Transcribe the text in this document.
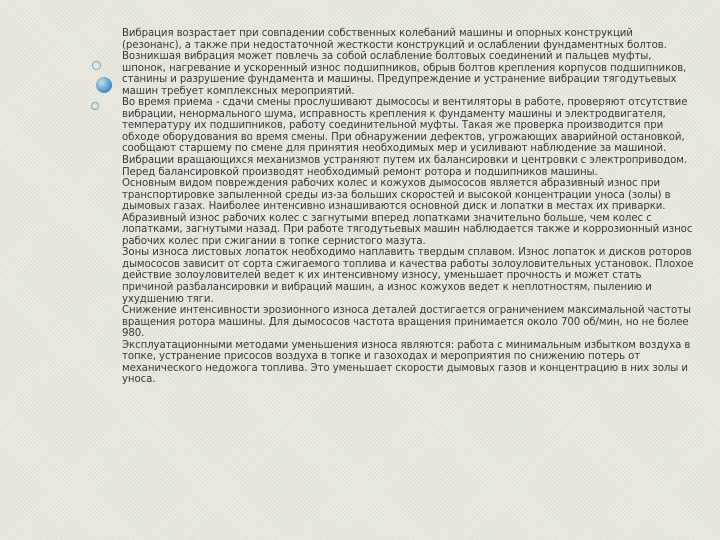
Вибрация возрастает при совпадении собственных колебаний машины и опорных конструкций (резонанс), а также при недостаточной жесткости конструкций и ослаблении фундаментных болтов. Возникшая вибрация может повлечь за собой ослабление болтовых соединений и пальцев муфты, шпонок, нагревание и ускоренный износ подшипников, обрыв болтов крепления корпусов подшипников, станины и разрушение фундамента и машины. Предупреждение и устранение вибрации тягодутьевых машин требует комплексных мероприятий.

Во время приема - сдачи смены прослушивают дымососы и вентиляторы в работе, проверяют отсутствие вибрации, ненормального шума, исправность крепления к фундаменту машины и электродвигателя, температуру их подшипников, работу соединительной муфты. Такая же проверка производится при обходе оборудования во время смены. При обнаружении дефектов, угрожающих аварийной остановкой, сообщают старшему по смене для принятия необходимых мер и усиливают наблюдение за машиной. Вибрации вращающихся механизмов устраняют путем их балансировки и центровки с электроприводом. Перед балансировкой производят необходимый ремонт ротора и подшипников машины.

Основным видом повреждения рабочих колес и кожухов дымососов является абразивный износ при транспортировке запыленной среды из-за больших скоростей и высокой концентрации уноса (золы) в дымовых газах. Наиболее интенсивно изнашиваются основной диск и лопатки в местах их приварки. Абразивный износ рабочих колес с загнутыми вперед лопатками значительно больше, чем колес с лопатками, загнутыми назад. При работе тягодутьевых машин наблюдается также и коррозионный износ рабочих колес при сжигании в топке сернистого мазута.

Зоны износа листовых лопаток необходимо наплавить твердым сплавом. Износ лопаток и дисков роторов дымососов зависит от сорта сжигаемого топлива и качества работы золоуловительных установок. Плохое действие золоуловителей ведет к их интенсивному износу, уменьшает прочность и может стать причиной разбалансировки и вибраций машин, а износ кожухов ведет к неплотностям, пылению и ухудшению тяги.

Снижение интенсивности эрозионного износа деталей достигается ограничением максимальной частоты вращения ротора машины. Для дымососов частота вращения принимается около 700 об/мин, но не более 980.

Эксплуатационными методами уменьшения износа являются: работа с минимальным избытком воздуха в топке, устранение присосов воздуха в топке и газоходах и мероприятия по снижению потерь от механического недожога топлива. Это уменьшает скорости дымовых газов и концентрацию в них золы и уноса.
